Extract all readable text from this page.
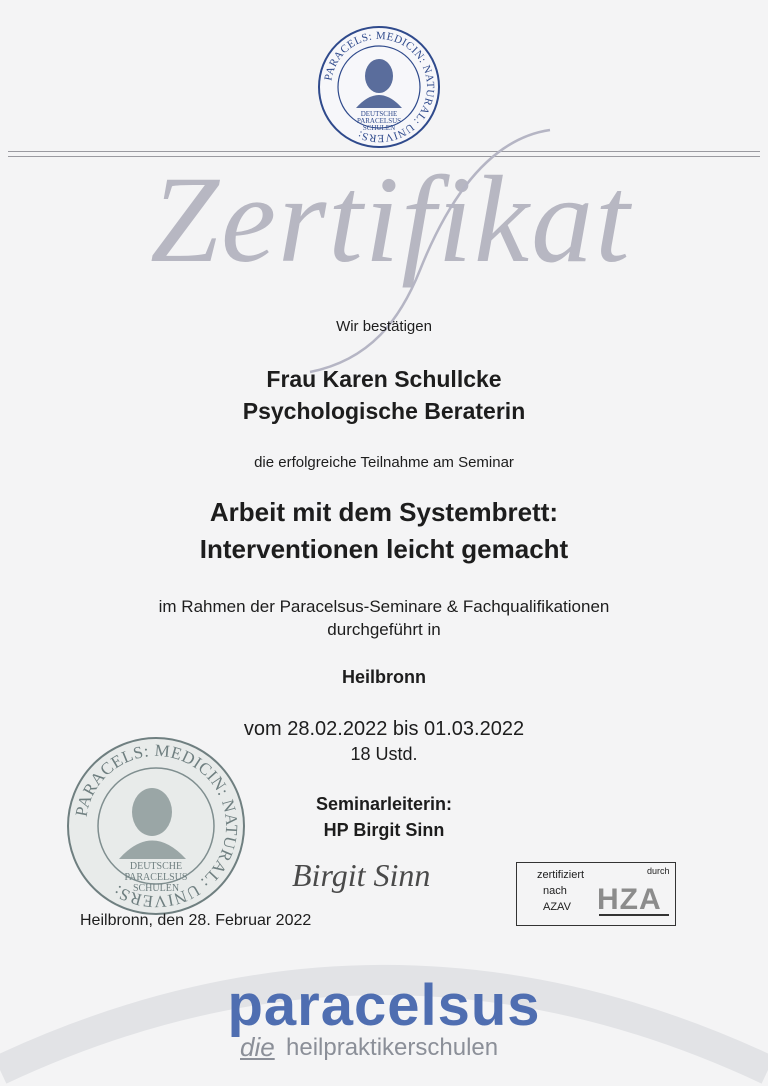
PARACELS: MEDICIN: NATURAL: UNIVERS:
DEUTSCHE
PARACELSUS
SCHULEN
Zertifikat
Wir bestätigen
Frau Karen Schullcke
Psychologische Beraterin
die erfolgreiche Teilnahme am Seminar
Arbeit mit dem Systembrett:
Interventionen leicht gemacht
im Rahmen der Paracelsus-Seminare & Fachqualifikationen
durchgeführt in
Heilbronn
vom 28.02.2022 bis 01.03.2022
18 Ustd.
Seminarleiterin:
HP Birgit Sinn
PARACELS: MEDICIN: NATURAL: UNIVERS:
DEUTSCHE
PARACELSUS
SCHULEN	Birgit Sinn
Heilbronn, den 28. Februar 2022
zertifiziert
nach
AZAV
durch
HZA
paracelsus
die heilpraktikerschulen
